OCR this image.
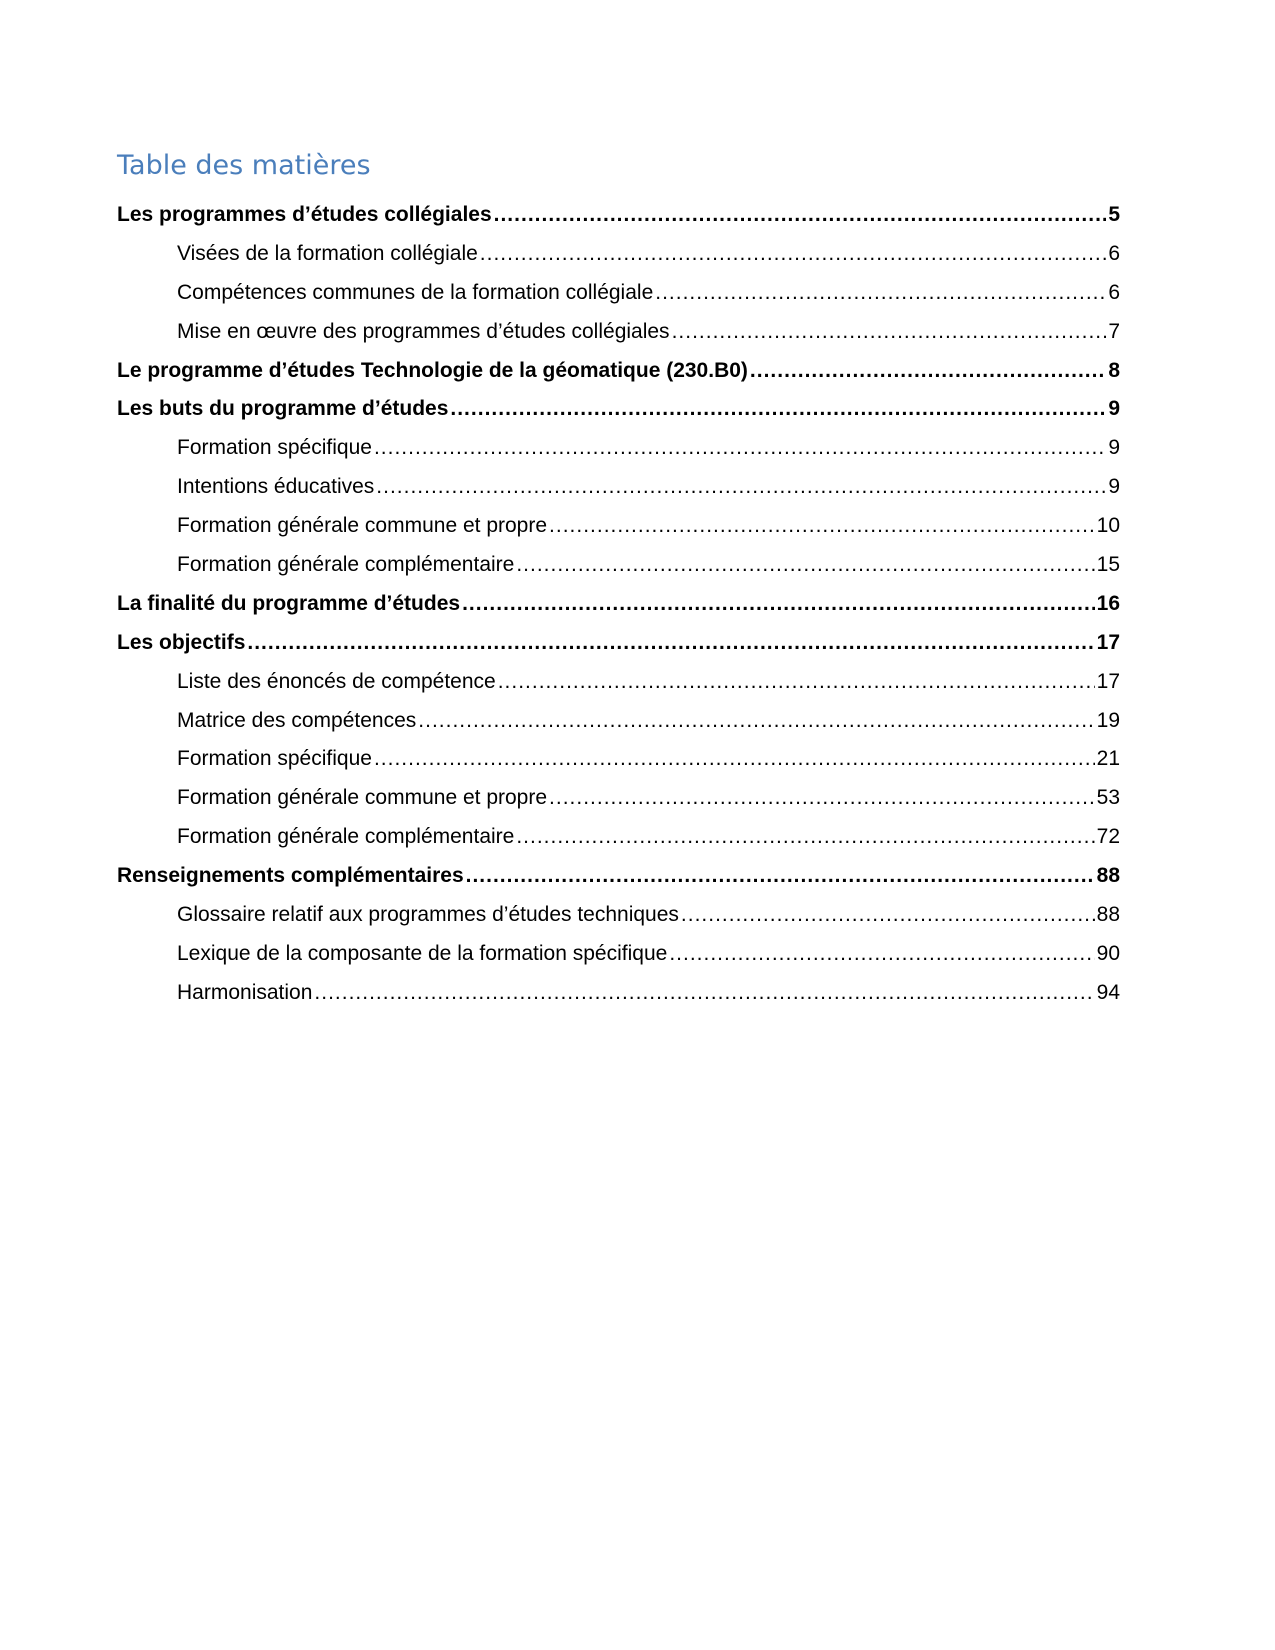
Table des matières
Les programmes d’études collégiales .....	5
Visées de la formation collégiale .....	6
Compétences communes de la formation collégiale .....	6
Mise en œuvre des programmes d’études collégiales .....	7
Le programme d’études Technologie de la géomatique (230.B0) .....	8
Les buts du programme d’études .....	9
Formation spécifique .....	9
Intentions éducatives .....	9
Formation générale commune et propre .....	10
Formation générale complémentaire .....	15
La finalité du programme d’études .....	16
Les objectifs .....	17
Liste des énoncés de compétence .....	17
Matrice des compétences .....	19
Formation spécifique .....	21
Formation générale commune et propre .....	53
Formation générale complémentaire .....	72
Renseignements complémentaires .....	88
Glossaire relatif aux programmes d’études techniques .....	88
Lexique de la composante de la formation spécifique .....	90
Harmonisation .....	94
